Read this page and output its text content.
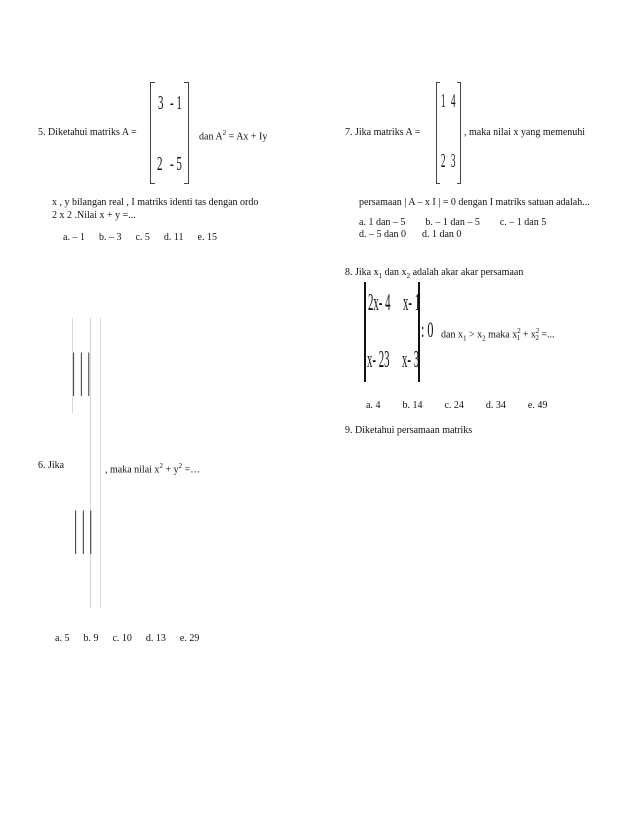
3 - 1
2 - 5
5. Diketahui matriks A =	dan $A^2 = Ax + Iy$
x , y bilangan real , I matriks identi tas dengan ordo
2 x 2 .Nilai x + y =...
a. – 1 b. – 3 c. 5 d. 11 e. 15
| | |
| | |
6. Jika	, maka nilai $x^2 + y^2$ =…
a. 5 b. 9 c. 10 d. 13 e. 29
1 4
2 3
7. Jika matriks A =	, maka nilai x yang memenuhi
persamaan | A – x I | = 0 dengan I matriks satuan adalah...
a. 1 dan – 5 b. – 1 dan – 5 c. – 1 dan 5
d. – 5 dan 0 d. 1 dan 0
8. Jika $x_1$ dan $x_2$ adalah akar akar persamaan
2x- 4 x- 1
x- 23 x- 3
: 0 dan $x_1 > x_2$ maka $x^2_1 + x^2_2$ =...
a. 4 b. 14 c. 24 d. 34 e. 49
9. Diketahui persamaan matriks
